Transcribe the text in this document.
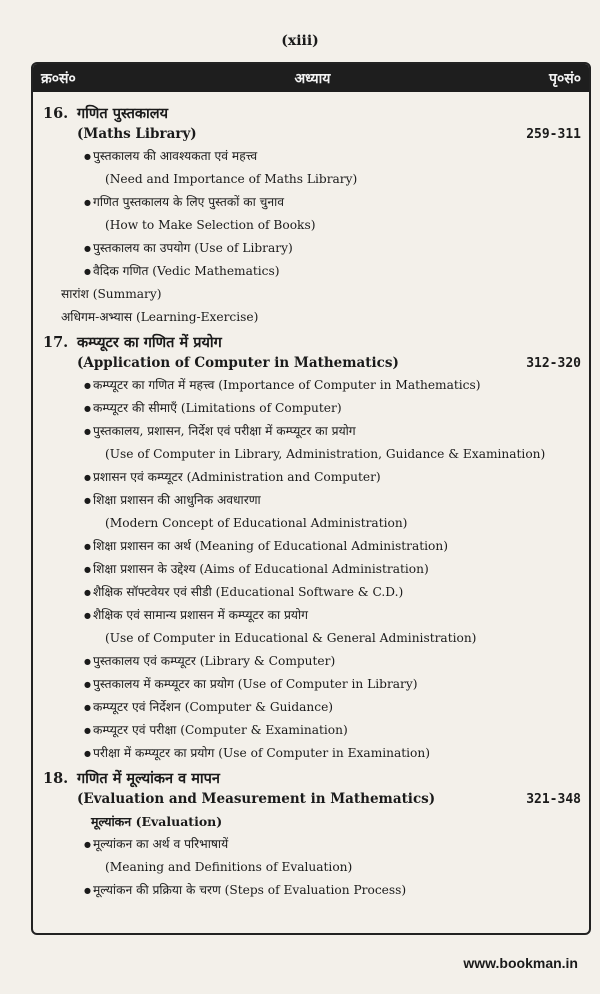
(xiii)
क्र०सं०	अध्याय	पृ०सं०
16. गणित पुस्तकालय
(Maths Library)	259-311
● पुस्तकालय की आवश्यकता एवं महत्त्व
(Need and Importance of Maths Library)
● गणित पुस्तकालय के लिए पुस्तकों का चुनाव
(How to Make Selection of Books)
● पुस्तकालय का उपयोग (Use of Library)
● वैदिक गणित (Vedic Mathematics)
सारांश (Summary)
अधिगम-अभ्यास (Learning-Exercise)
17. कम्प्यूटर का गणित में प्रयोग
(Application of Computer in Mathematics)	312-320
● कम्प्यूटर का गणित में महत्त्व (Importance of Computer in Mathematics)
● कम्प्यूटर की सीमाएँ (Limitations of Computer)
● पुस्तकालय, प्रशासन, निर्देश एवं परीक्षा में कम्प्यूटर का प्रयोग
(Use of Computer in Library, Administration, Guidance & Examination)
● प्रशासन एवं कम्प्यूटर (Administration and Computer)
● शिक्षा प्रशासन की आधुनिक अवधारणा
(Modern Concept of Educational Administration)
● शिक्षा प्रशासन का अर्थ (Meaning of Educational Administration)
● शिक्षा प्रशासन के उद्देश्य (Aims of Educational Administration)
● शैक्षिक सॉफ्टवेयर एवं सीडी (Educational Software & C.D.)
● शैक्षिक एवं सामान्य प्रशासन में कम्प्यूटर का प्रयोग
(Use of Computer in Educational & General Administration)
● पुस्तकालय एवं कम्प्यूटर (Library & Computer)
● पुस्तकालय में कम्प्यूटर का प्रयोग (Use of Computer in Library)
● कम्प्यूटर एवं निर्देशन (Computer & Guidance)
● कम्प्यूटर एवं परीक्षा (Computer & Examination)
● परीक्षा में कम्प्यूटर का प्रयोग (Use of Computer in Examination)
18. गणित में मूल्यांकन व मापन
(Evaluation and Measurement in Mathematics)	321-348
मूल्यांकन (Evaluation)
● मूल्यांकन का अर्थ व परिभाषायें
(Meaning and Definitions of Evaluation)
● मूल्यांकन की प्रक्रिया के चरण (Steps of Evaluation Process)
www.bookman.in
